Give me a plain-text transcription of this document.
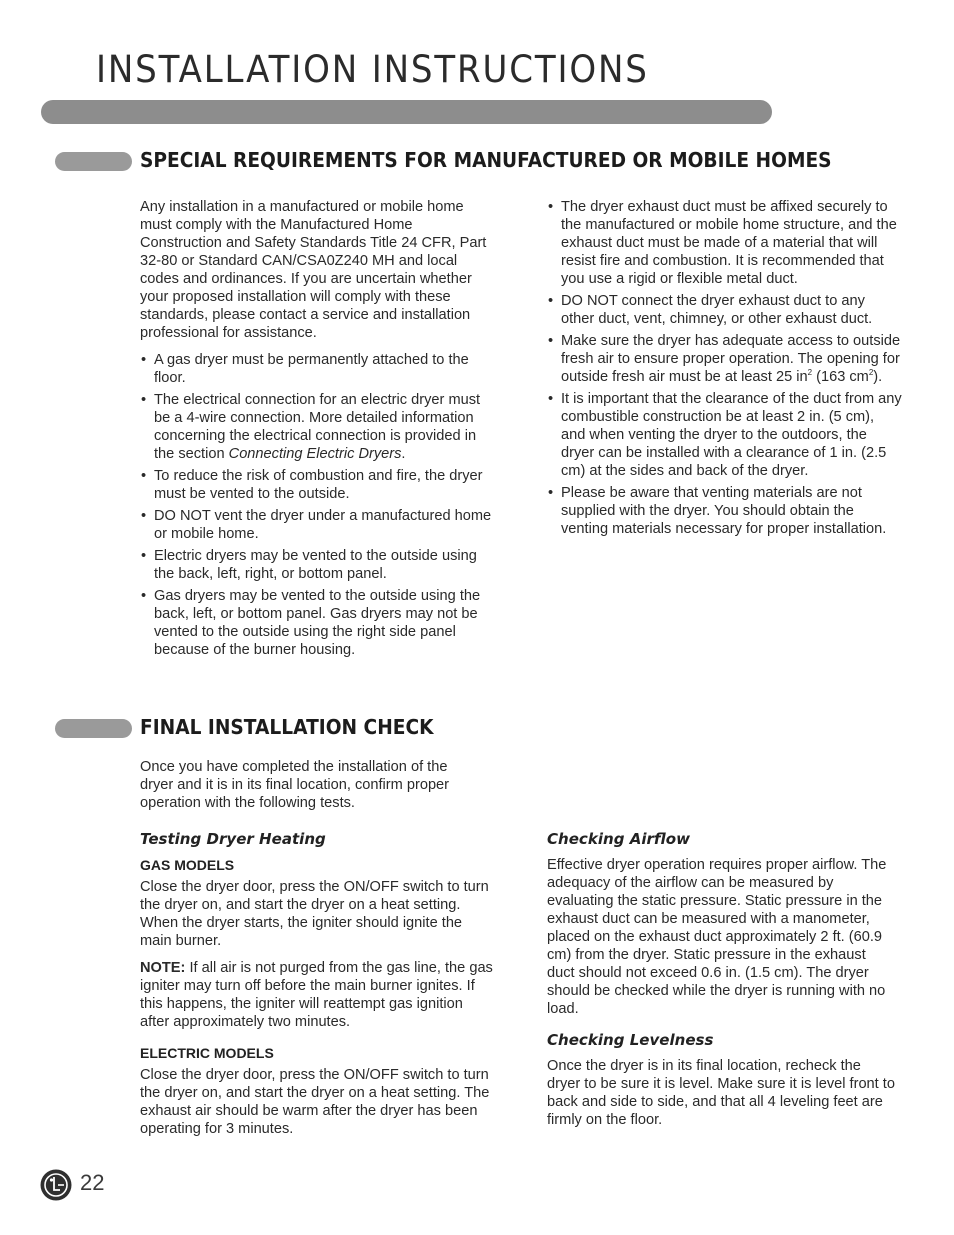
INSTALLATION INSTRUCTIONS
SPECIAL REQUIREMENTS FOR MANUFACTURED OR MOBILE HOMES

Any installation in a manufactured or mobile home must comply with the Manufactured Home Construction and Safety Standards Title 24 CFR, Part 32-80 or Standard CAN/CSA0Z240 MH and local codes and ordinances. If you are uncertain whether your proposed installation will comply with these standards, please contact a service and installation professional for assistance.

• A gas dryer must be permanently attached to the floor.
• The electrical connection for an electric dryer must be a 4-wire connection. More detailed information concerning the electrical connection is provided in the section Connecting Electric Dryers.
• To reduce the risk of combustion and fire, the dryer must be vented to the outside.
• DO NOT vent the dryer under a manufactured home or mobile home.
• Electric dryers may be vented to the outside using the back, left, right, or bottom panel.
• Gas dryers may be vented to the outside using the back, left, or bottom panel. Gas dryers may not be vented to the outside using the right side panel because of the burner housing.
• The dryer exhaust duct must be affixed securely to the manufactured or mobile home structure, and the exhaust duct must be made of a material that will resist fire and combustion. It is recommended that you use a rigid or flexible metal duct.
• DO NOT connect the dryer exhaust duct to any other duct, vent, chimney, or other exhaust duct.
• Make sure the dryer has adequate access to outside fresh air to ensure proper operation. The opening for outside fresh air must be at least 25 $in^2$ (163 $cm^2$).
• It is important that the clearance of the duct from any combustible construction be at least 2 in. (5 cm), and when venting the dryer to the outdoors, the dryer can be installed with a clearance of 1 in. (2.5 cm) at the sides and back of the dryer.
• Please be aware that venting materials are not supplied with the dryer. You should obtain the venting materials necessary for proper installation.
FINAL INSTALLATION CHECK

Once you have completed the installation of the dryer and it is in its final location, confirm proper operation with the following tests.

Testing Dryer Heating
GAS MODELS

Close the dryer door, press the ON/OFF switch to turn the dryer on, and start the dryer on a heat setting. When the dryer starts, the igniter should ignite the main burner.

NOTE: If all air is not purged from the gas line, the gas igniter may turn off before the main burner ignites. If this happens, the igniter will reattempt gas ignition after approximately two minutes.

ELECTRIC MODELS

Close the dryer door, press the ON/OFF switch to turn the dryer on, and start the dryer on a heat setting. The exhaust air should be warm after the dryer has been operating for 3 minutes.

Checking Airflow

Effective dryer operation requires proper airflow. The adequacy of the airflow can be measured by evaluating the static pressure. Static pressure in the exhaust duct can be measured with a manometer, placed on the exhaust duct approximately 2 ft. (60.9 cm) from the dryer. Static pressure in the exhaust duct should not exceed 0.6 in. (1.5 cm). The dryer should be checked while the dryer is running with no load.

Checking Levelness

Once the dryer is in its final location, recheck the dryer to be sure it is level. Make sure it is level front to back and side to side, and that all 4 leveling feet are firmly on the floor.

22
